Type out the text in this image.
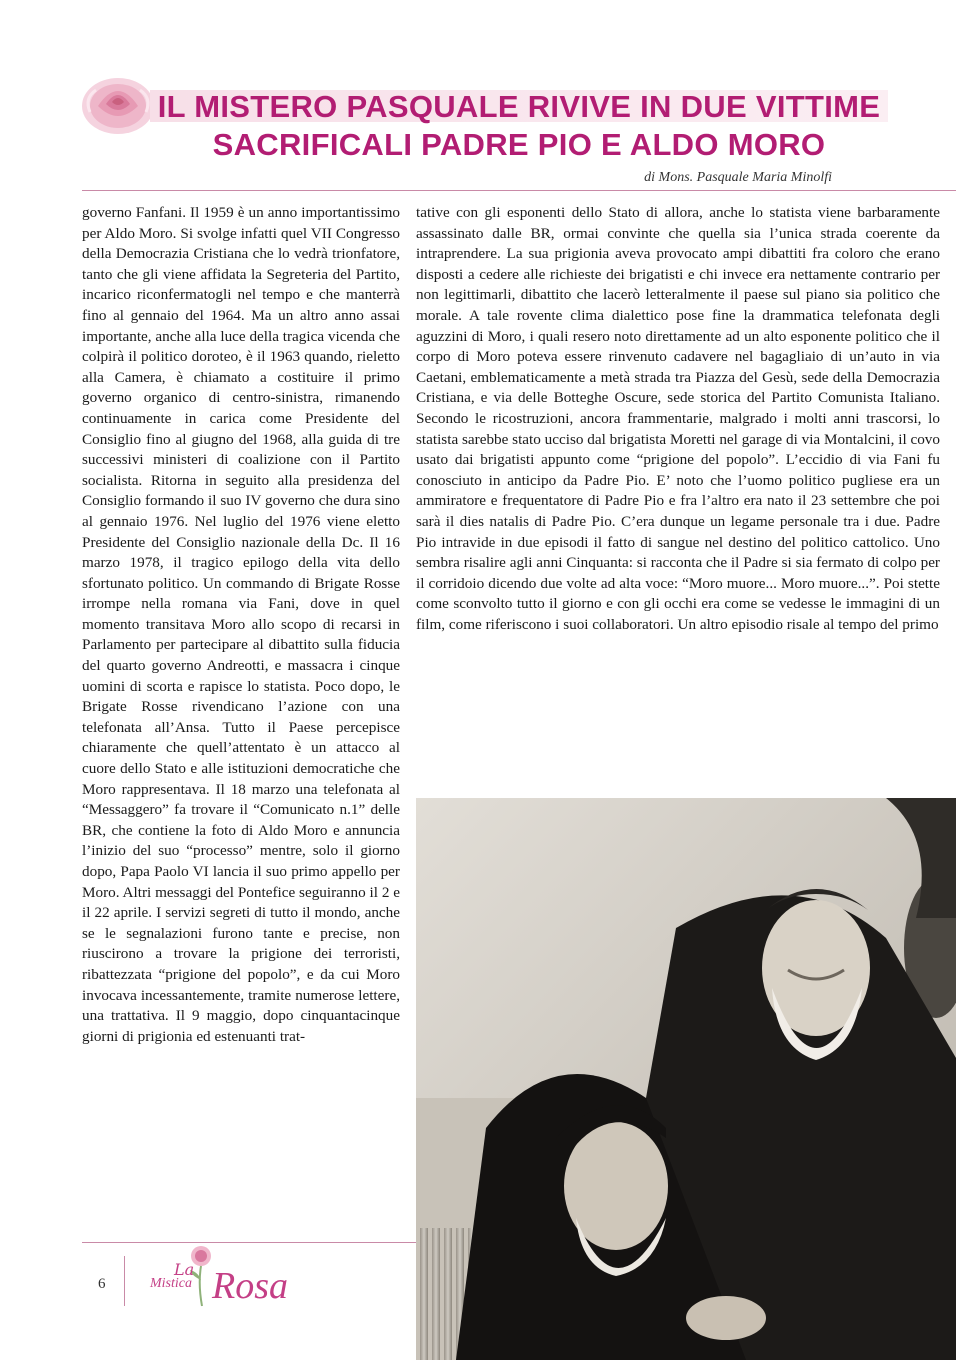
IL MISTERO PASQUALE RIVIVE IN DUE VITTIME
SACRIFICALI PADRE PIO E ALDO MORO
di Mons. Pasquale Maria Minolfi

governo Fanfani. Il 1959 è un anno importantissimo per Aldo Moro. Si svolge infatti quel VII Congresso della Democrazia Cristiana che lo vedrà trionfatore, tanto che gli viene affidata la Segreteria del Partito, incarico riconfermatogli nel tempo e che manterrà fino al gennaio del 1964. Ma un altro anno assai importante, anche alla luce della tragica vicenda che colpirà il politico doroteo, è il 1963 quando, rieletto alla Camera, è chiamato a costituire il primo governo organico di centro-sinistra, rimanendo continuamente in carica come Presidente del Consiglio fino al giugno del 1968, alla guida di tre successivi ministeri di coalizione con il Partito socialista. Ritorna in seguito alla presidenza del Consiglio formando il suo IV governo che dura sino al gennaio 1976. Nel luglio del 1976 viene eletto Presidente del Consiglio nazionale della Dc. Il 16 marzo 1978, il tragico epilogo della vita dello sfortunato politico. Un commando di Brigate Rosse irrompe nella romana via Fani, dove in quel momento transitava Moro allo scopo di recarsi in Parlamento per partecipare al dibattito sulla fiducia del quarto governo Andreotti, e massacra i cinque uomini di scorta e rapisce lo statista. Poco dopo, le Brigate Rosse rivendicano l’azione con una telefonata all’Ansa. Tutto il Paese percepisce chiaramente che quell’attentato è un attacco al cuore dello Stato e alle istituzioni democratiche che Moro rappresentava. Il 18 marzo una telefonata al “Messaggero” fa trovare il “Comunicato n.1” delle BR, che contiene la foto di Aldo Moro e annuncia l’inizio del suo “processo” mentre, solo il giorno dopo, Papa Paolo VI lancia il suo primo appello per Moro. Altri messaggi del Pontefice seguiranno il 2 e il 22 aprile. I servizi segreti di tutto il mondo, anche se le segnalazioni furono tante e precise, non riuscirono a trovare la prigione dei terroristi, ribattezzata “prigione del popolo”, e da cui Moro invocava incessantemente, tramite numerose lettere, una trattativa. Il 9 maggio, dopo cinquantacinque giorni di prigionia ed estenuanti trat-

tative con gli esponenti dello Stato di allora, anche lo statista viene barbaramente assassinato dalle BR, ormai convinte che quella sia l’unica strada coerente da intraprendere. La sua prigionia aveva provocato ampi dibattiti fra coloro che erano disposti a cedere alle richieste dei brigatisti e chi invece era nettamente contrario per non legittimarli, dibattito che lacerò letteralmente il paese sul piano sia politico che morale. A tale rovente clima dialettico pose fine la drammatica telefonata degli aguzzini di Moro, i quali resero noto direttamente ad un alto esponente politico che il corpo di Moro poteva essere rinvenuto cadavere nel bagagliaio di un’auto in via Caetani, emblematicamente a metà strada tra Piazza del Gesù, sede della Democrazia Cristiana, e via delle Botteghe Oscure, sede storica del Partito Comunista Italiano. Secondo le ricostruzioni, ancora frammentarie, malgrado i molti anni trascorsi, lo statista sarebbe stato ucciso dal brigatista Moretti nel garage di via Montalcini, il covo usato dai brigatisti appunto come “prigione del popolo”. L’eccidio di via Fani fu conosciuto in anticipo da Padre Pio. E’ noto che l’uomo politico pugliese era un ammiratore e frequentatore di Padre Pio e fra l’altro era nato il 23 settembre che poi sarà il dies natalis di Padre Pio. C’era dunque un legame personale tra i due. Padre Pio intravide in due episodi il fatto di sangue nel destino del politico cattolico. Uno sembra risalire agli anni Cinquanta: si racconta che il Padre si sia fermato di colpo per il corridoio dicendo due volte ad alta voce: “Moro muore... Moro muore...”. Poi stette come sconvolto tutto il giorno e con gli occhi era come se vedesse le immagini di un film, come riferiscono i suoi collaboratori. Un altro episodio risale al tempo del primo

6
La
Mistica Rosa
